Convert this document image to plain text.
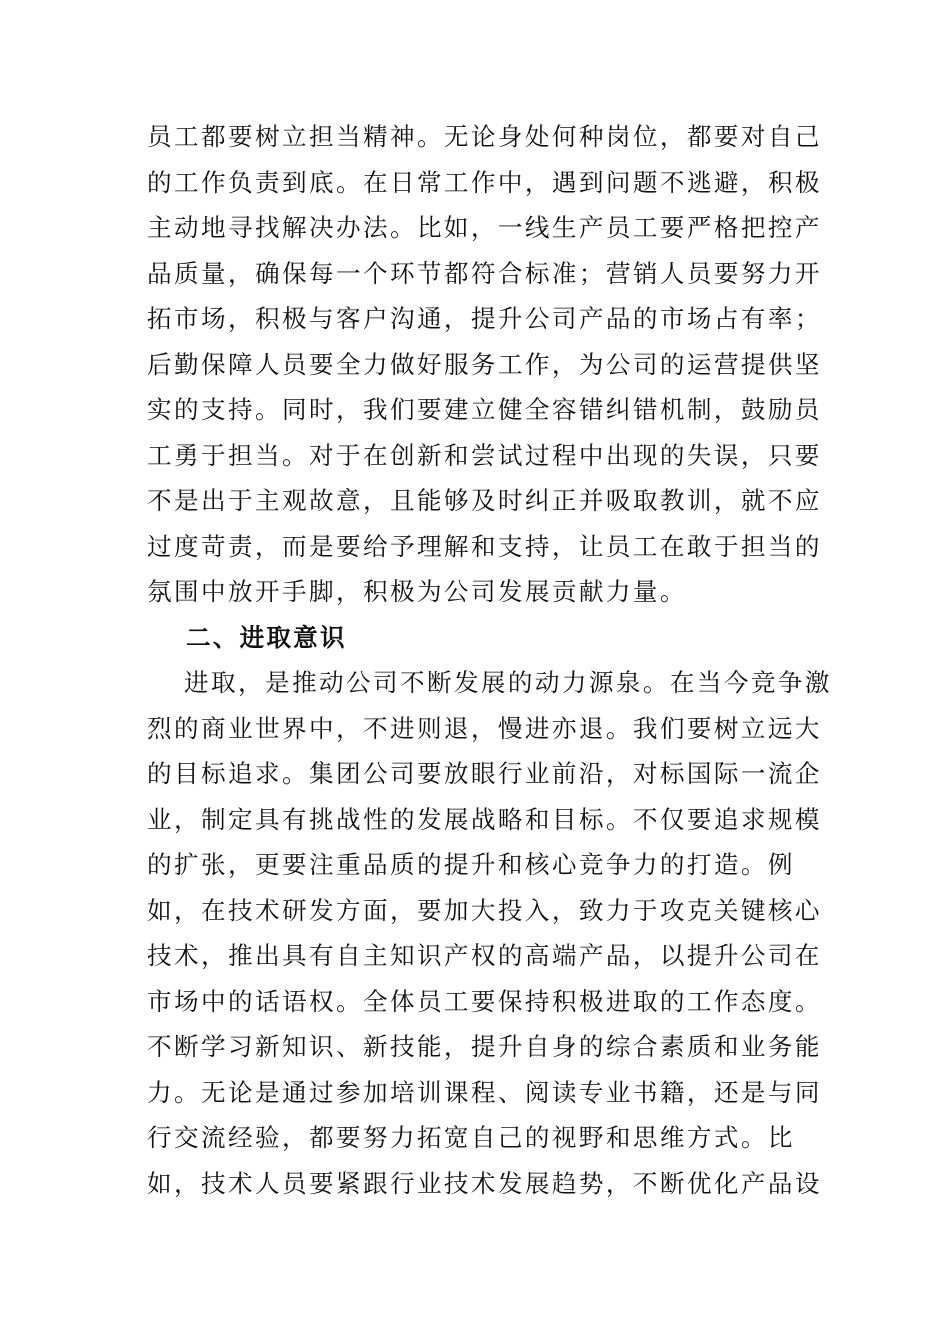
员工都要树立担当精神。无论身处何种岗位，都要对自己
的工作负责到底。在日常工作中，遇到问题不逃避，积极
主动地寻找解决办法。比如，一线生产员工要严格把控产
品质量，确保每一个环节都符合标准；营销人员要努力开
拓市场，积极与客户沟通，提升公司产品的市场占有率；
后勤保障人员要全力做好服务工作，为公司的运营提供坚
实的支持。同时，我们要建立健全容错纠错机制，鼓励员
工勇于担当。对于在创新和尝试过程中出现的失误，只要
不是出于主观故意，且能够及时纠正并吸取教训，就不应
过度苛责，而是要给予理解和支持，让员工在敢于担当的
氛围中放开手脚，积极为公司发展贡献力量。
二、进取意识
进取，是推动公司不断发展的动力源泉。在当今竞争激
烈的商业世界中，不进则退，慢进亦退。我们要树立远大
的目标追求。集团公司要放眼行业前沿，对标国际一流企
业，制定具有挑战性的发展战略和目标。不仅要追求规模
的扩张，更要注重品质的提升和核心竞争力的打造。例
如，在技术研发方面，要加大投入，致力于攻克关键核心
技术，推出具有自主知识产权的高端产品，以提升公司在
市场中的话语权。全体员工要保持积极进取的工作态度。
不断学习新知识、新技能，提升自身的综合素质和业务能
力。无论是通过参加培训课程、阅读专业书籍，还是与同
行交流经验，都要努力拓宽自己的视野和思维方式。比
如，技术人员要紧跟行业技术发展趋势，不断优化产品设
